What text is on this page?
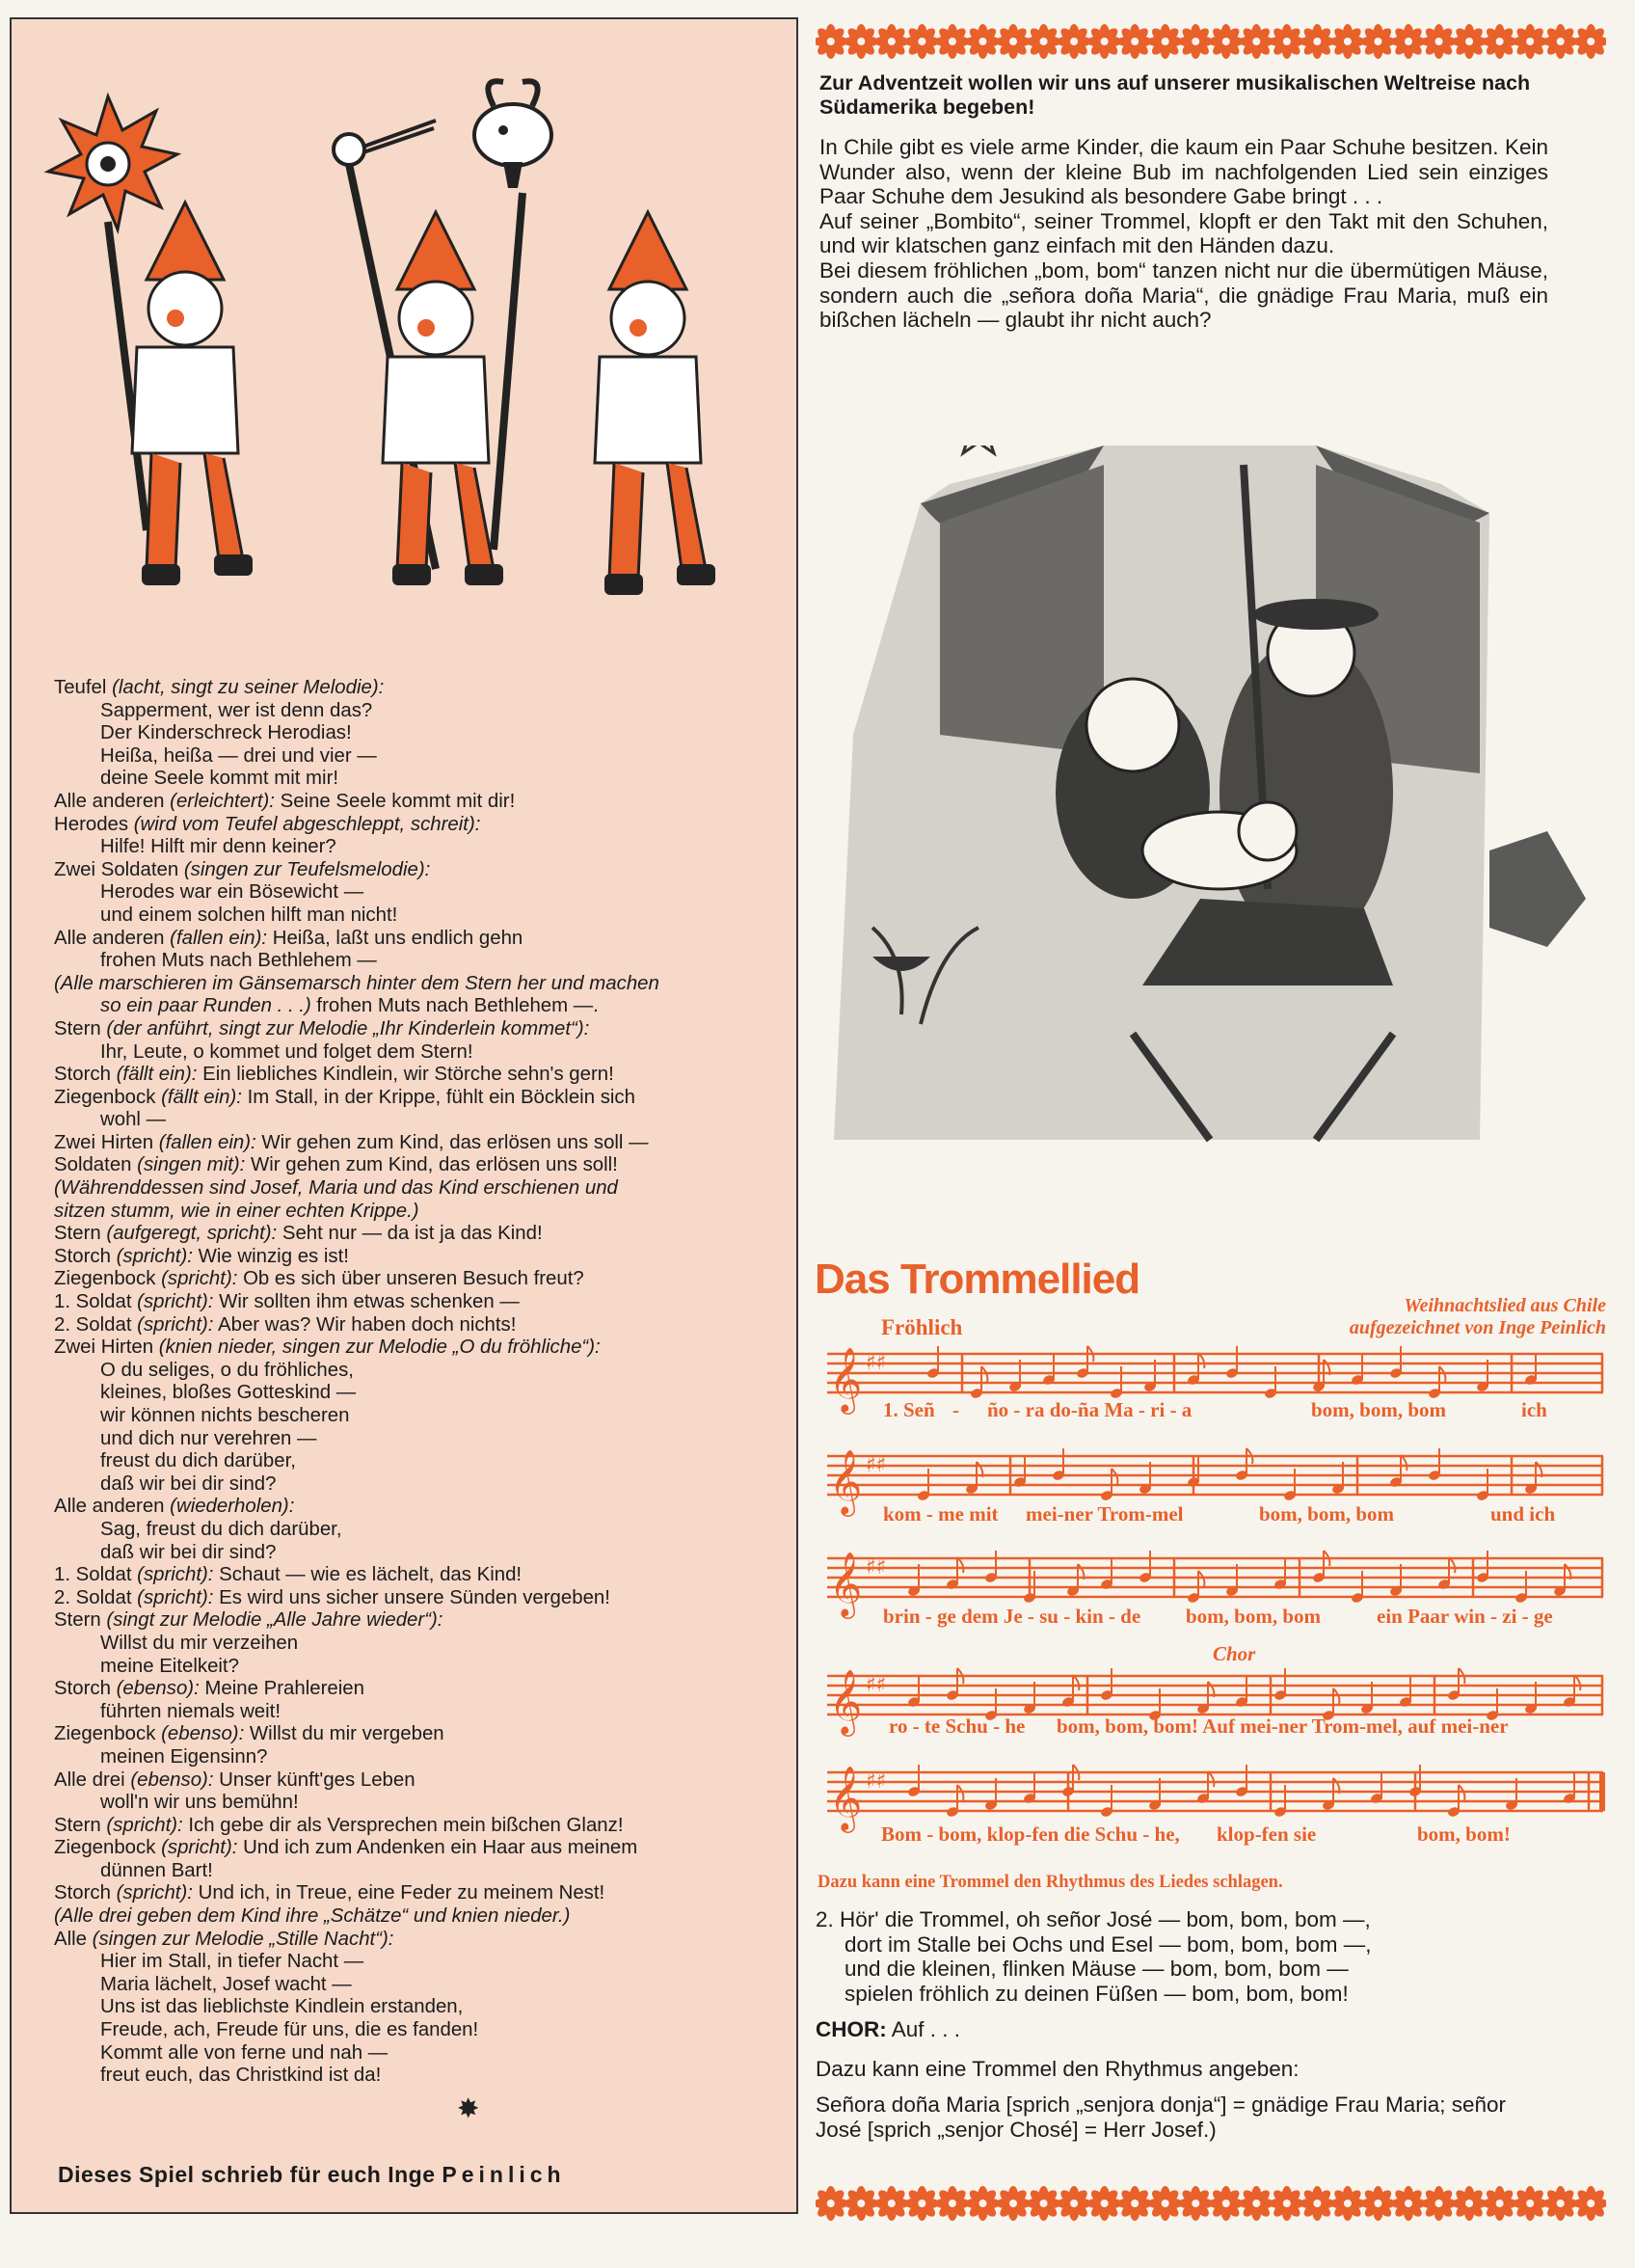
Teufel (lacht, singt zu seiner Melodie):
Sapperment, wer ist denn das?
Der Kinderschreck Herodias!
Heißa, heißa — drei und vier —
deine Seele kommt mit mir!
Alle anderen (erleichtert): Seine Seele kommt mit dir!
Herodes (wird vom Teufel abgeschleppt, schreit):
Hilfe! Hilft mir denn keiner?
Zwei Soldaten (singen zur Teufelsmelodie):
Herodes war ein Bösewicht —
und einem solchen hilft man nicht!
Alle anderen (fallen ein): Heißa, laßt uns endlich gehn
frohen Muts nach Bethlehem —
(Alle marschieren im Gänsemarsch hinter dem Stern her und machen
so ein paar Runden . . .) frohen Muts nach Bethlehem —.
Stern (der anführt, singt zur Melodie „Ihr Kinderlein kommet“):
Ihr, Leute, o kommet und folget dem Stern!
Storch (fällt ein): Ein liebliches Kindlein, wir Störche sehn's gern!
Ziegenbock (fällt ein): Im Stall, in der Krippe, fühlt ein Böcklein sich
wohl —
Zwei Hirten (fallen ein): Wir gehen zum Kind, das erlösen uns soll —
Soldaten (singen mit): Wir gehen zum Kind, das erlösen uns soll!
(Währenddessen sind Josef, Maria und das Kind erschienen und
sitzen stumm, wie in einer echten Krippe.)
Stern (aufgeregt, spricht): Seht nur — da ist ja das Kind!
Storch (spricht): Wie winzig es ist!
Ziegenbock (spricht): Ob es sich über unseren Besuch freut?
1. Soldat (spricht): Wir sollten ihm etwas schenken —
2. Soldat (spricht): Aber was? Wir haben doch nichts!
Zwei Hirten (knien nieder, singen zur Melodie „O du fröhliche“):
O du seliges, o du fröhliches,
kleines, bloßes Gotteskind —
wir können nichts bescheren
und dich nur verehren —
freust du dich darüber,
daß wir bei dir sind?
Alle anderen (wiederholen):
Sag, freust du dich darüber,
daß wir bei dir sind?
1. Soldat (spricht): Schaut — wie es lächelt, das Kind!
2. Soldat (spricht): Es wird uns sicher unsere Sünden vergeben!
Stern (singt zur Melodie „Alle Jahre wieder“):
Willst du mir verzeihen
meine Eitelkeit?
Storch (ebenso): Meine Prahlereien
führten niemals weit!
Ziegenbock (ebenso): Willst du mir vergeben
meinen Eigensinn?
Alle drei (ebenso): Unser künft'ges Leben
woll'n wir uns bemühn!
Stern (spricht): Ich gebe dir als Versprechen mein bißchen Glanz!
Ziegenbock (spricht): Und ich zum Andenken ein Haar aus meinem
dünnen Bart!
Storch (spricht): Und ich, in Treue, eine Feder zu meinem Nest!
(Alle drei geben dem Kind ihre „Schätze“ und knien nieder.)
Alle (singen zur Melodie „Stille Nacht“):
Hier im Stall, in tiefer Nacht —
Maria lächelt, Josef wacht —
Uns ist das lieblichste Kindlein erstanden,
Freude, ach, Freude für uns, die es fanden!
Kommt alle von ferne und nah —
freut euch, das Christkind ist da!
✸
Dieses Spiel schrieb für euch Inge Peinlich
Zur Adventzeit wollen wir uns auf unserer musikalischen Weltreise nach Südamerika begeben!

In Chile gibt es viele arme Kinder, die kaum ein Paar Schuhe besitzen. Kein Wunder also, wenn der kleine Bub im nachfolgenden Lied sein einziges Paar Schuhe dem Jesukind als besondere Gabe bringt . . .

Auf seiner „Bombito“, seiner Trommel, klopft er den Takt mit den Schuhen, und wir klatschen ganz einfach mit den Händen dazu.

Bei diesem fröhlichen „bom, bom“ tanzen nicht nur die übermütigen Mäuse, sondern auch die „señora doña Maria“, die gnädige Frau Maria, muß ein bißchen lächeln — glaubt ihr nicht auch?

Das Trommellied
Weihnachtslied aus Chile
aufgezeichnet von Inge Peinlich
Fröhlich
Chor
𝄞 ♯♯
1. Señ - ño - ra do-ña Ma - ri - a	bom, bom, bom	ich
𝄞 ♯♯
kom - me mit mei-ner Trom-mel	bom, bom, bom	und ich
𝄞 ♯♯
brin - ge dem Je - su - kin - de bom, bom, bom	ein Paar win - zi - ge
𝄞 ♯♯
ro - te Schu - he bom, bom, bom! Auf mei-ner Trom-mel, auf mei-ner
𝄞 ♯♯
Bom - bom, klop-fen die Schu - he, klop-fen sie	bom, bom!
Dazu kann eine Trommel den Rhythmus des Liedes schlagen.
2. Hör' die Trommel, oh señor José — bom, bom, bom —,
dort im Stalle bei Ochs und Esel — bom, bom, bom —,
und die kleinen, flinken Mäuse — bom, bom, bom —
spielen fröhlich zu deinen Füßen — bom, bom, bom!
CHOR: Auf . . .
Dazu kann eine Trommel den Rhythmus angeben:
Señora doña Maria [sprich „senjora donja“] = gnädige Frau Maria; señor José [sprich „senjor Chosé] = Herr Josef.)
